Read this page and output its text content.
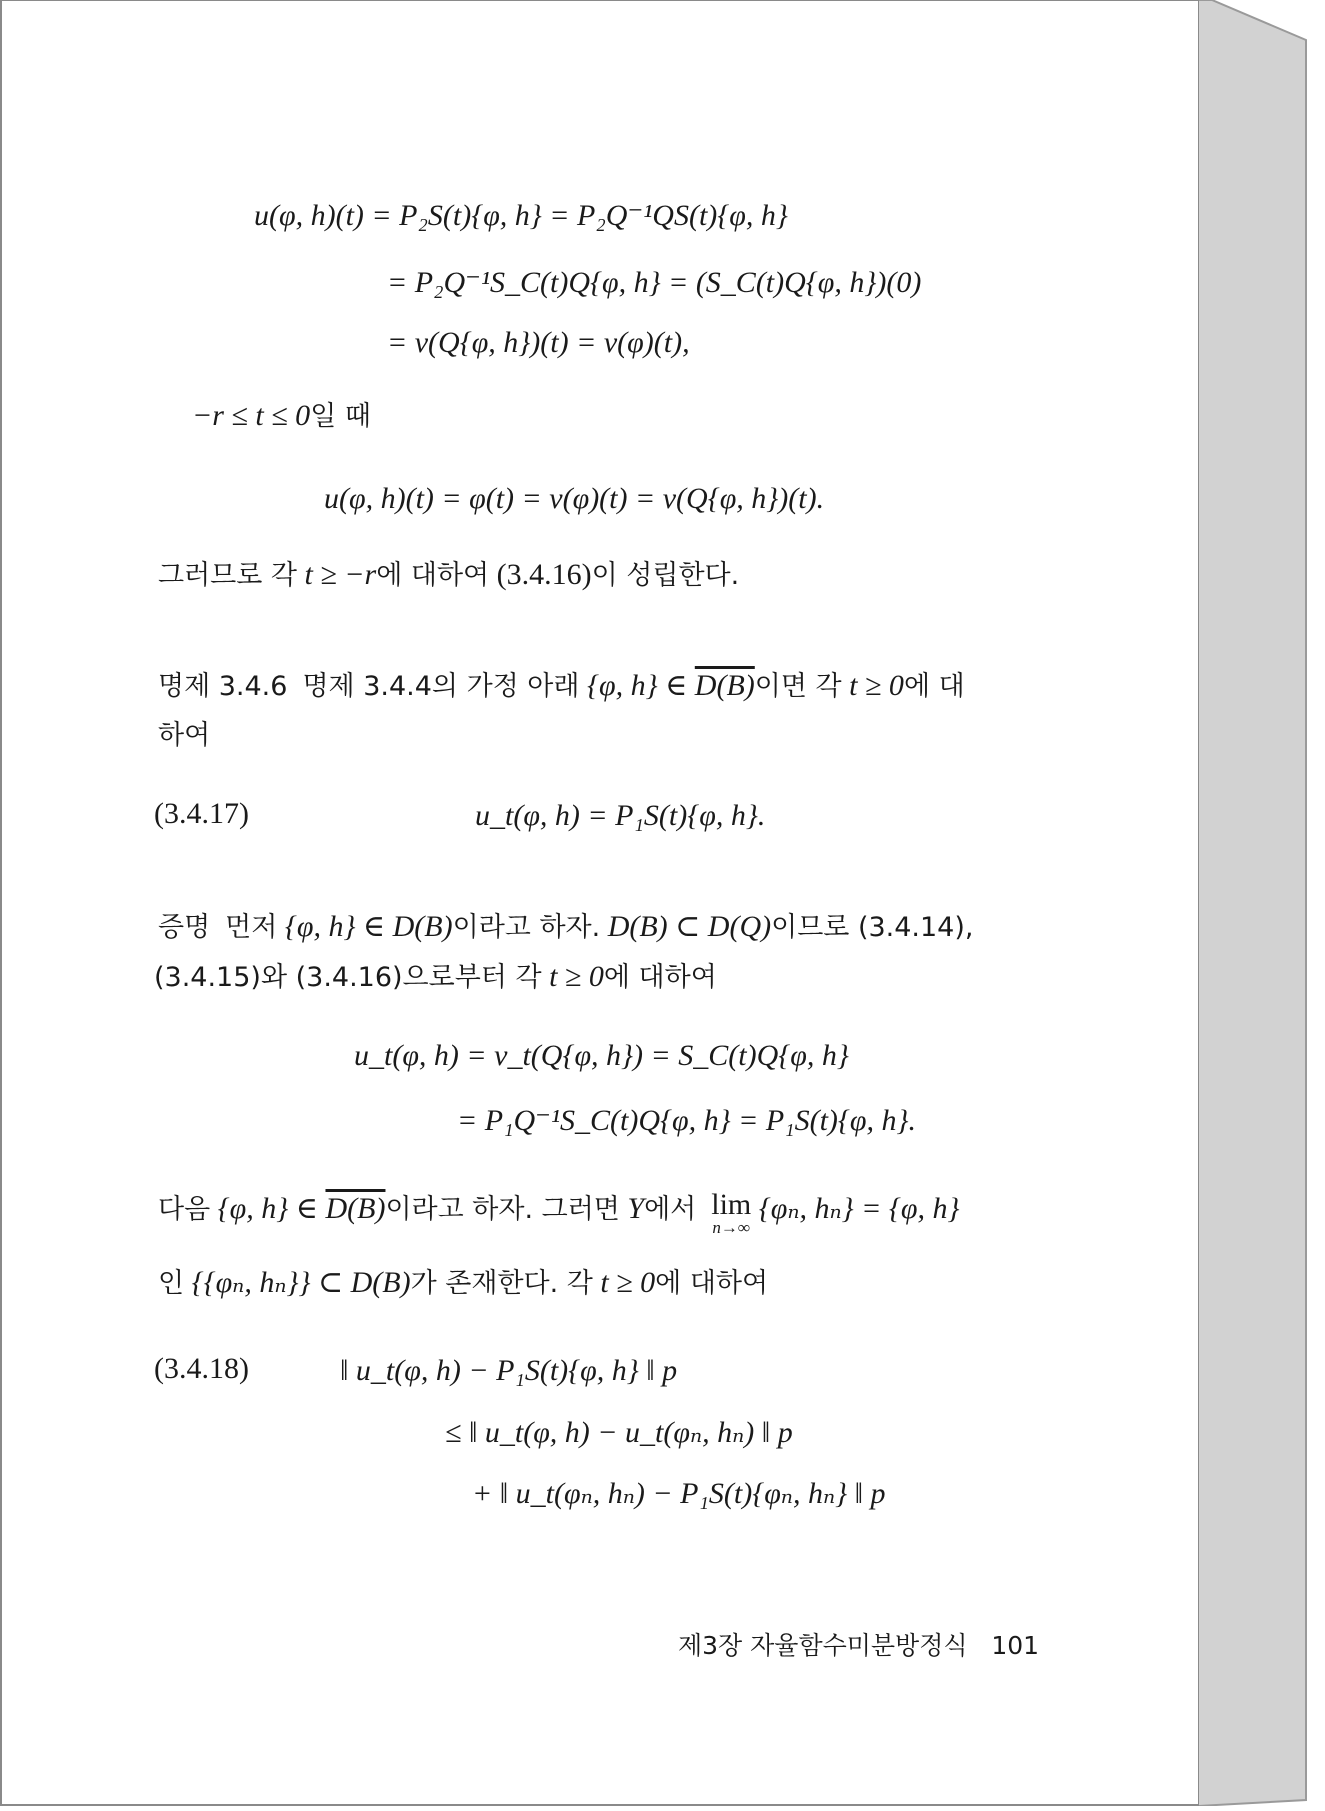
u(φ, h)(t) = P₂S(t){φ, h} = P₂Q⁻¹QS(t){φ, h}
= P₂Q⁻¹S_C(t)Q{φ, h} = (S_C(t)Q{φ, h})(0)
= v(Q{φ, h})(t) = v(φ)(t),
−r ≤ t ≤ 0일 때
u(φ, h)(t) = φ(t) = v(φ)(t) = v(Q{φ, h})(t).
그러므로 각 t ≥ −r에 대하여 (3.4.16)이 성립한다.
명제 3.4.6 명제 3.4.4의 가정 아래 {φ, h} ∈ D(B)이면 각 t ≥ 0에 대
하여
(3.4.17)	u_t(φ, h) = P₁S(t){φ, h}.
증명 먼저 {φ, h} ∈ D(B)이라고 하자. D(B) ⊂ D(Q)이므로 (3.4.14),
(3.4.15)와 (3.4.16)으로부터 각 t ≥ 0에 대하여
u_t(φ, h) = v_t(Q{φ, h}) = S_C(t)Q{φ, h}
= P₁Q⁻¹S_C(t)Q{φ, h} = P₁S(t){φ, h}.
다음 {φ, h} ∈ D(B)이라고 하자. 그러면 Y에서 lim
n→∞
{φₙ, hₙ} = {φ, h}
인 {{φₙ, hₙ}} ⊂ D(B)가 존재한다. 각 t ≥ 0에 대하여
(3.4.18)	‖ u_t(φ, h) − P₁S(t){φ, h} ‖ p
≤ ‖ u_t(φ, h) − u_t(φₙ, hₙ) ‖ p
+ ‖ u_t(φₙ, hₙ) − P₁S(t){φₙ, hₙ} ‖ p
제3장 자율함수미분방정식 101
